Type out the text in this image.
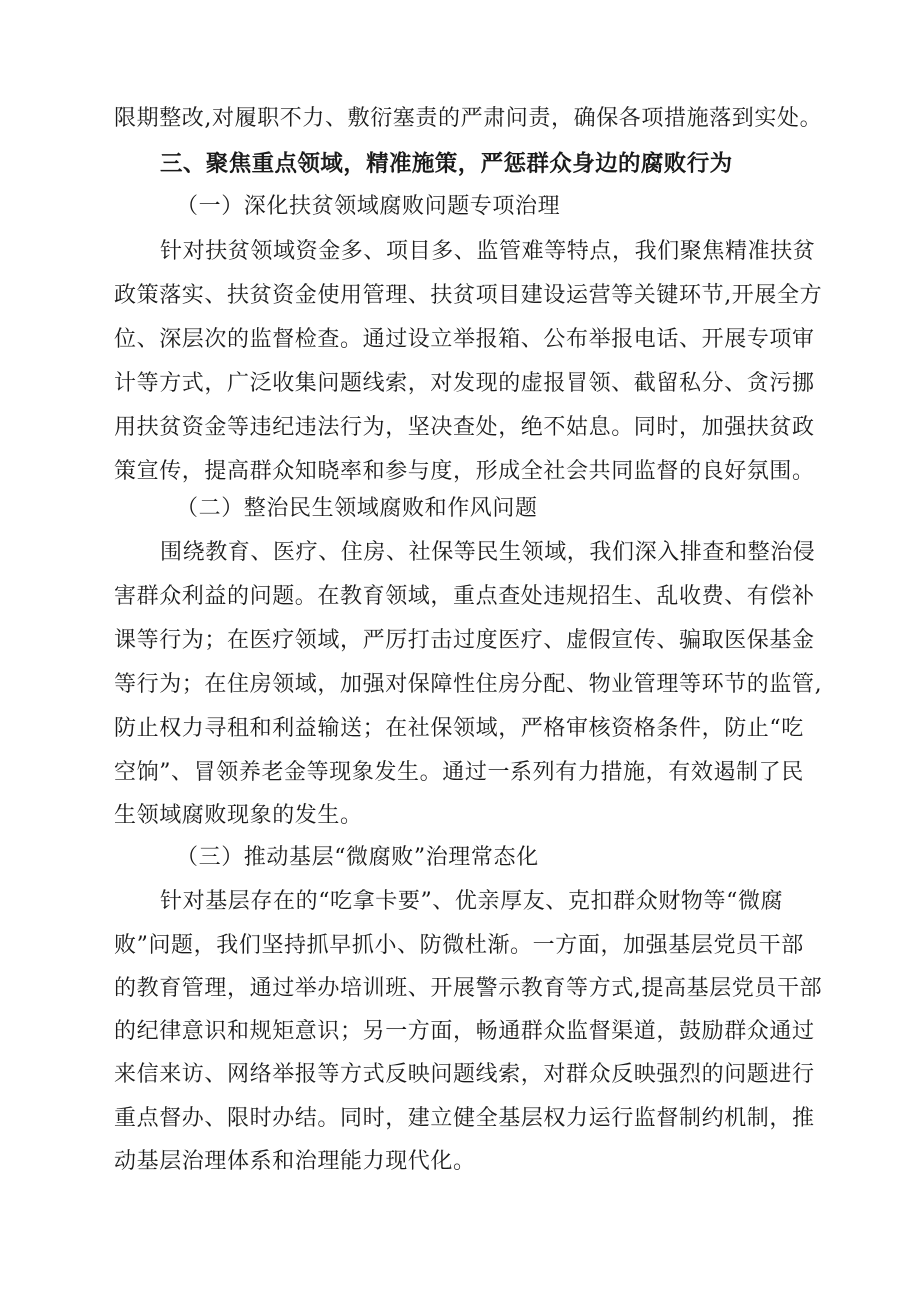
限期整改,对履职不力、敷衍塞责的严肃问责，确保各项措施落到实处。
三、聚焦重点领域，精准施策，严惩群众身边的腐败行为
（一）深化扶贫领域腐败问题专项治理
针对扶贫领域资金多、项目多、监管难等特点，我们聚焦精准扶贫
政策落实、扶贫资金使用管理、扶贫项目建设运营等关键环节,开展全方
位、深层次的监督检查。通过设立举报箱、公布举报电话、开展专项审
计等方式，广泛收集问题线索，对发现的虚报冒领、截留私分、贪污挪
用扶贫资金等违纪违法行为，坚决查处，绝不姑息。同时，加强扶贫政
策宣传，提高群众知晓率和参与度，形成全社会共同监督的良好氛围。
（二）整治民生领域腐败和作风问题
围绕教育、医疗、住房、社保等民生领域，我们深入排查和整治侵
害群众利益的问题。在教育领域，重点查处违规招生、乱收费、有偿补
课等行为；在医疗领域，严厉打击过度医疗、虚假宣传、骗取医保基金
等行为；在住房领域，加强对保障性住房分配、物业管理等环节的监管,
防止权力寻租和利益输送；在社保领域，严格审核资格条件，防止“吃
空饷”、冒领养老金等现象发生。通过一系列有力措施，有效遏制了民
生领域腐败现象的发生。
（三）推动基层“微腐败”治理常态化
针对基层存在的“吃拿卡要”、优亲厚友、克扣群众财物等“微腐
败”问题，我们坚持抓早抓小、防微杜渐。一方面，加强基层党员干部
的教育管理，通过举办培训班、开展警示教育等方式,提高基层党员干部
的纪律意识和规矩意识；另一方面，畅通群众监督渠道，鼓励群众通过
来信来访、网络举报等方式反映问题线索，对群众反映强烈的问题进行
重点督办、限时办结。同时，建立健全基层权力运行监督制约机制，推
动基层治理体系和治理能力现代化。
